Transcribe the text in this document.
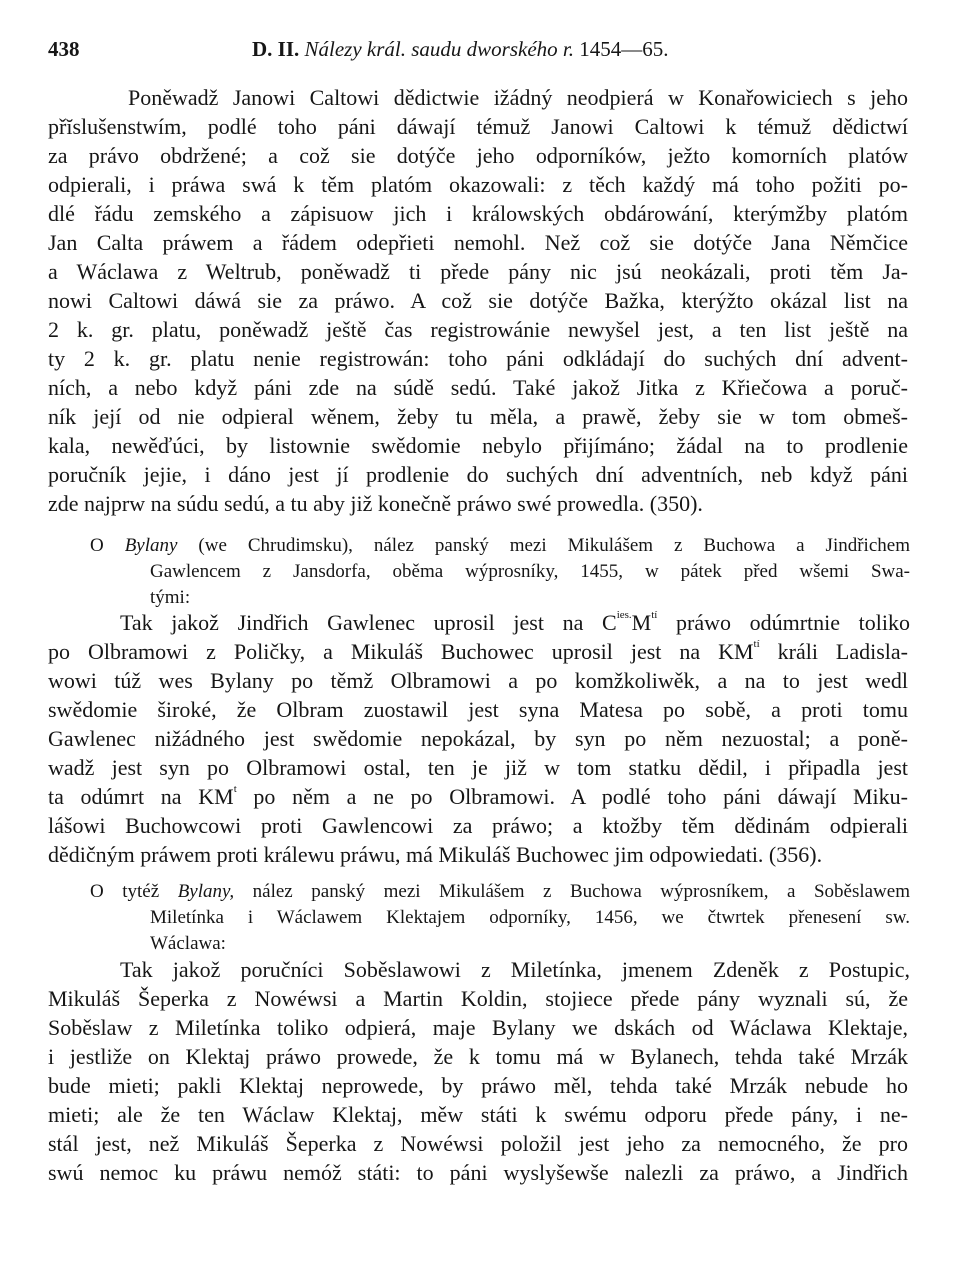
438	D. II. Nálezy král. saudu dworského r. 1454—65.
Poněwadž Janowi Caltowi dědictwie ižádný neodpierá w Konařowiciech s jeho
přĭslušenstwím, podlé toho páni dáwají témuž Janowi Caltowi k témuž dědictwí
za právo obdržené; a což sie dotýče jeho odporníków, ježto komorních platów
odpierali, i práwa swá k těm platóm okazowali: z těch každý má toho požiti po-
dlé řádu zemského a zápisuow jich i králowských obdárowání, kterýmžby platóm
Jan Calta práwem a řádem odepřieti nemohl. Než což sie dotýče Jana Němčice
a Wáclawa z Weltrub, poněwadž ti přede pány nic jsú neokázali, proti těm Ja-
nowi Caltowi dáwá sie za práwo. A což sie dotýče Bažka, kterýžto okázal list na
2 k. gr. platu, poněwadž ještě čas registrowánie newyšel jest, a ten list ještě na
ty 2 k. gr. platu nenie registrowán: toho páni odkládají do suchých dní advent-
ních, a nebo když páni zde na súdě sedú. Také jakož Jitka z Křiečowa a poruč-
ník její od nie odpieral wěnem, žeby tu měla, a prawě, žeby sie w tom obmeš-
kala, newěďúci, by listownie swědomie nebylo přijímáno; žádal na to prodlenie
poručník jejie, i dáno jest jí prodlenie do suchých dní adventních, neb když páni
zde najprw na súdu sedú, a tu aby již konečně práwo swé prowedla. (350).
O Bylany (we Chrudimsku), nález panský mezi Mikulášem z Buchowa a Jindřichem
Gawlencem z Jansdorfa, oběma wýprosníky, 1455, w pátek před wšemi Swa-
tými:
Tak jakož Jindřich Gawlenec uprosil jest na $C^{ies.}M^{tí}$ práwo odúmrtnie toliko
po Olbramowi z Poličky, a Mikuláš Buchowec uprosil jest na $KM^{tí}$ králi Ladisla-
wowi túž wes Bylany po těmž Olbramowi a po komžkoliwěk, a na to jest wedl
swědomie široké, že Olbram zuostawil jest syna Matesa po sobě, a proti tomu
Gawlenec nižádného jest swědomie nepokázal, by syn po něm nezuostal; a poně-
wadž jest syn po Olbramowi ostal, ten je již w tom statku dědil, i připadla jest
ta odúmrt na $KM^t$ po něm a ne po Olbramowi. A podlé toho páni dáwají Miku-
lášowi Buchowcowi proti Gawlencowi za práwo; a ktožby těm dědinám odpierali
dědičným práwem proti králewu práwu, má Mikuláš Buchowec jim odpowiedati. (356).
O tytéž Bylany, nález panský mezi Mikulášem z Buchowa wýprosníkem, a Soběslawem
Miletínka i Wáclawem Klektajem odporníky, 1456, we čtwrtek přenesení sw.
Wáclawa:
Tak jakož poručníci Soběslawowi z Miletínka, jmenem Zdeněk z Postupic,
Mikuláš Šeperka z Nowéwsi a Martin Koldin, stojiece přede pány wyznali sú, že
Soběslaw z Miletínka toliko odpierá, maje Bylany we dskách od Wáclawa Klektaje,
i jestliže on Klektaj práwo prowede, že k tomu má w Bylanech, tehda také Mrzák
bude mieti; pakli Klektaj neprowede, by práwo měl, tehda také Mrzák nebude ho
mieti; ale že ten Wáclaw Klektaj, měw státi k swému odporu přede pány, i ne-
stál jest, než Mikuláš Šeperka z Nowéwsi položil jest jeho za nemocného, že pro
swú nemoc ku práwu nemóž státi: to páni wyslyšewše nalezli za práwo, a Jindřich
